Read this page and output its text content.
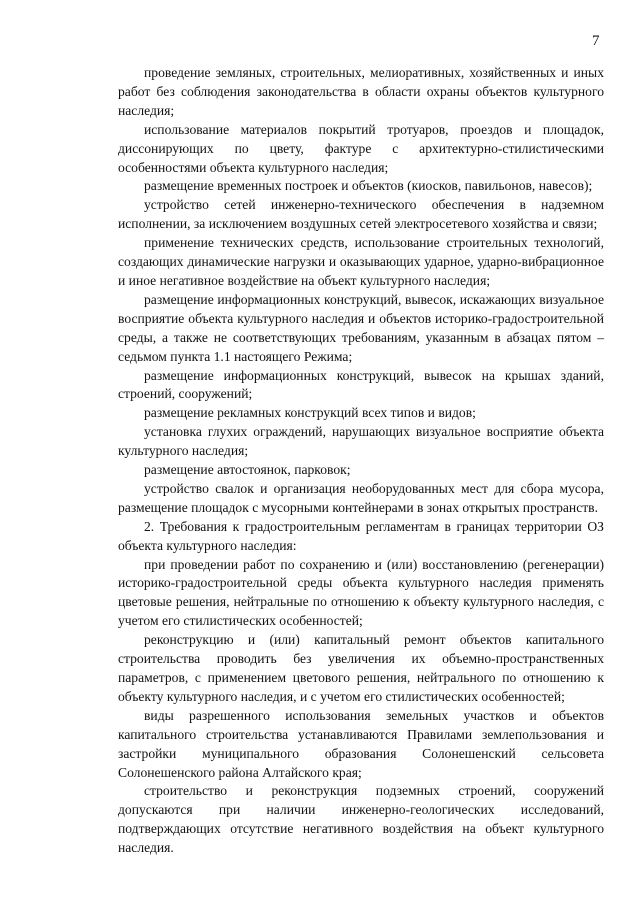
7

проведение земляных, строительных, мелиоративных, хозяйственных и иных работ без соблюдения законодательства в области охраны объектов культурного наследия;

использование материалов покрытий тротуаров, проездов и площадок, диссонирующих по цвету, фактуре с архитектурно-стилистическими особенностями объекта культурного наследия;

размещение временных построек и объектов (киосков, павильонов, навесов);

устройство сетей инженерно-технического обеспечения в надземном исполнении, за исключением воздушных сетей электросетевого хозяйства и связи;

применение технических средств, использование строительных технологий, создающих динамические нагрузки и оказывающих ударное, ударно-вибрационное и иное негативное воздействие на объект культурного наследия;

размещение информационных конструкций, вывесок, искажающих визуальное восприятие объекта культурного наследия и объектов историко-градостроительной среды, а также не соответствующих требованиям, указанным в абзацах пятом – седьмом пункта 1.1 настоящего Режима;

размещение информационных конструкций, вывесок на крышах зданий, строений, сооружений;

размещение рекламных конструкций всех типов и видов;

установка глухих ограждений, нарушающих визуальное восприятие объекта культурного наследия;

размещение автостоянок, парковок;

устройство свалок и организация необорудованных мест для сбора мусора, размещение площадок с мусорными контейнерами в зонах открытых пространств.

2. Требования к градостроительным регламентам в границах территории ОЗ объекта культурного наследия:

при проведении работ по сохранению и (или) восстановлению (регенерации) историко-градостроительной среды объекта культурного наследия применять цветовые решения, нейтральные по отношению к объекту культурного наследия, с учетом его стилистических особенностей;

реконструкцию и (или) капитальный ремонт объектов капитального строительства проводить без увеличения их объемно-пространственных параметров, с применением цветового решения, нейтрального по отношению к объекту культурного наследия, и с учетом его стилистических особенностей;

виды разрешенного использования земельных участков и объектов капитального строительства устанавливаются Правилами землепользования и застройки муниципального образования Солонешенский сельсовета Солонешенского района Алтайского края;

строительство и реконструкция подземных строений, сооружений допускаются при наличии инженерно-геологических исследований, подтверждающих отсутствие негативного воздействия на объект культурного наследия.
